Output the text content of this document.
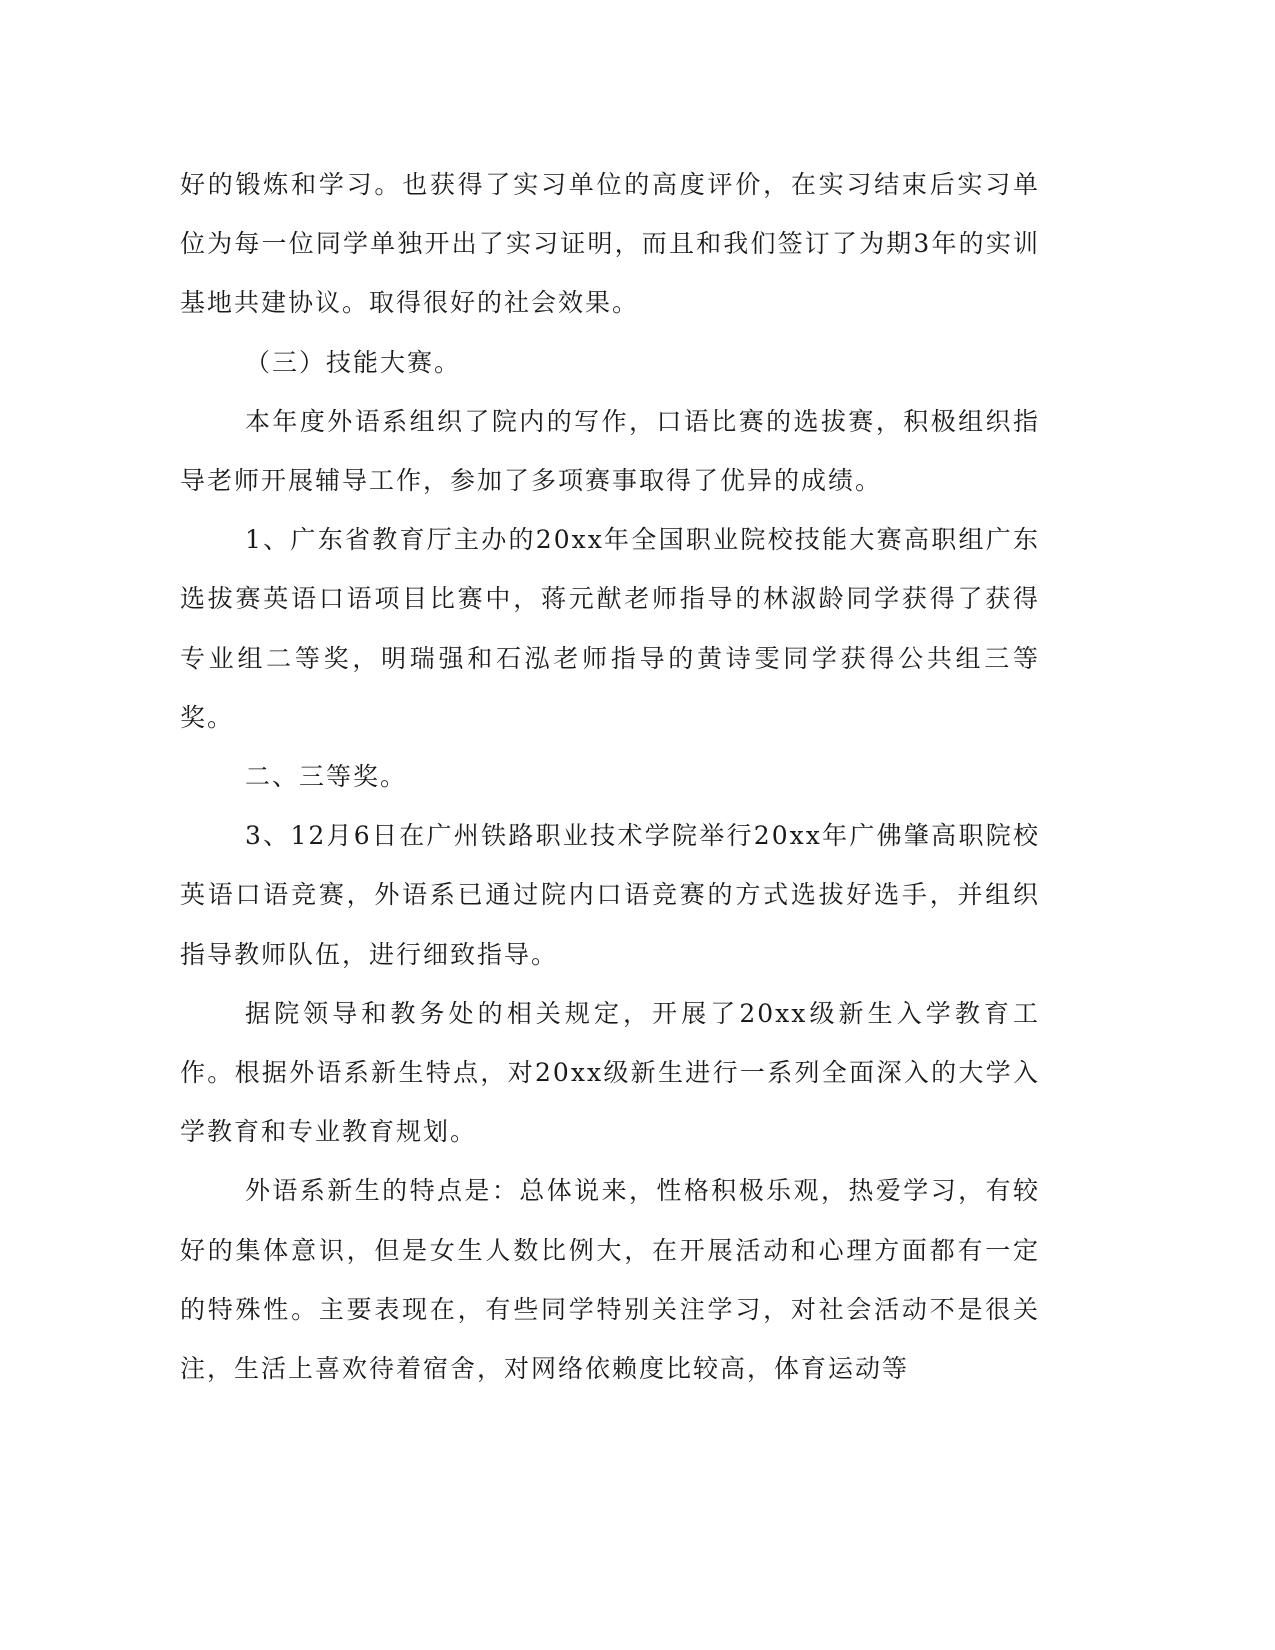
好的锻炼和学习。也获得了实习单位的高度评价，在实习结束后实习单位为每一位同学单独开出了实习证明，而且和我们签订了为期3年的实训基地共建协议。取得很好的社会效果。

（三）技能大赛。

本年度外语系组织了院内的写作，口语比赛的选拔赛，积极组织指导老师开展辅导工作，参加了多项赛事取得了优异的成绩。

1、广东省教育厅主办的20xx年全国职业院校技能大赛高职组广东选拔赛英语口语项目比赛中，蒋元猷老师指导的林淑龄同学获得了获得专业组二等奖，明瑞强和石泓老师指导的黄诗雯同学获得公共组三等奖。

二、三等奖。

3、12月6日在广州铁路职业技术学院举行20xx年广佛肇高职院校英语口语竞赛，外语系已通过院内口语竞赛的方式选拔好选手，并组织指导教师队伍，进行细致指导。

据院领导和教务处的相关规定，开展了20xx级新生入学教育工作。根据外语系新生特点，对20xx级新生进行一系列全面深入的大学入学教育和专业教育规划。

外语系新生的特点是：总体说来，性格积极乐观，热爱学习，有较好的集体意识，但是女生人数比例大，在开展活动和心理方面都有一定的特殊性。主要表现在，有些同学特别关注学习，对社会活动不是很关注，生活上喜欢待着宿舍，对网络依赖度比较高，体育运动等
